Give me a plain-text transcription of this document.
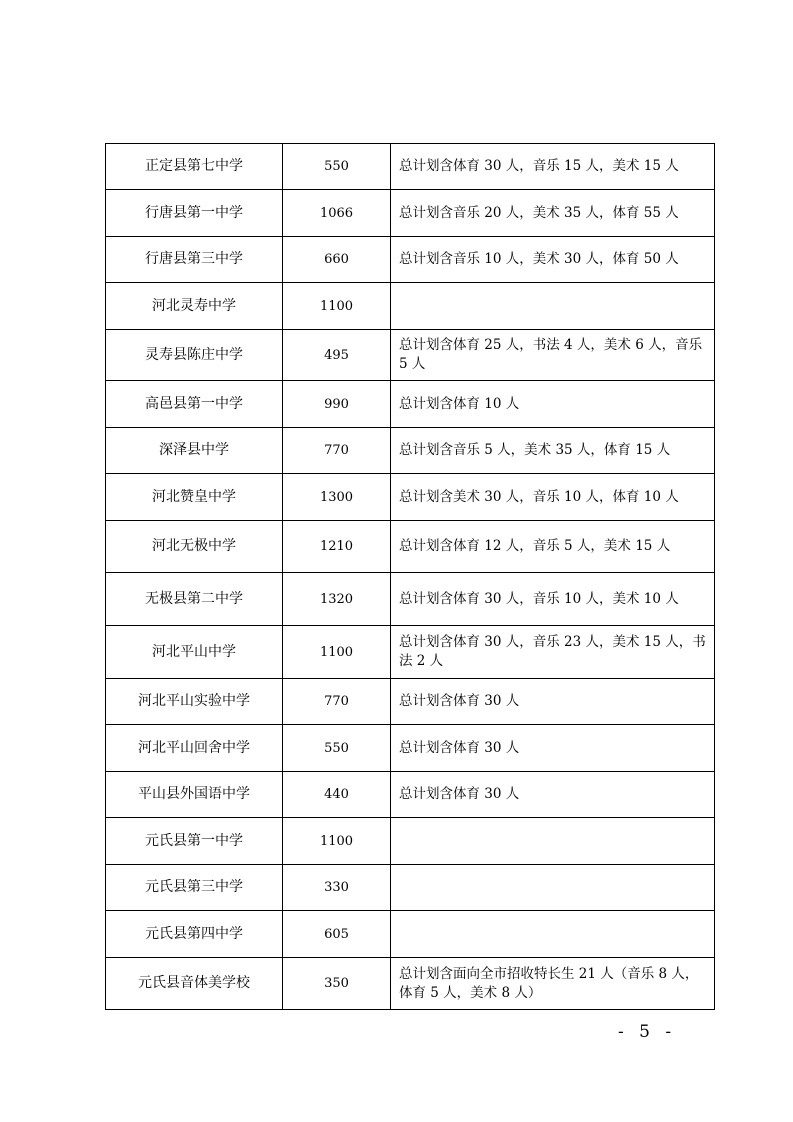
正定县第七中学	550	总计划含体育 30 人，音乐 15 人，美术 15 人
行唐县第一中学	1066	总计划含音乐 20 人，美术 35 人，体育 55 人
行唐县第三中学	660	总计划含音乐 10 人，美术 30 人，体育 50 人
河北灵寿中学	1100	
灵寿县陈庄中学	495	总计划含体育 25 人，书法 4 人，美术 6 人，音乐 5 人
高邑县第一中学	990	总计划含体育 10 人
深泽县中学	770	总计划含音乐 5 人，美术 35 人，体育 15 人
河北赞皇中学	1300	总计划含美术 30 人，音乐 10 人，体育 10 人
河北无极中学	1210	总计划含体育 12 人，音乐 5 人，美术 15 人
无极县第二中学	1320	总计划含体育 30 人，音乐 10 人，美术 10 人
河北平山中学	1100	总计划含体育 30 人，音乐 23 人，美术 15 人，书法 2 人
河北平山实验中学	770	总计划含体育 30 人
河北平山回舍中学	550	总计划含体育 30 人
平山县外国语中学	440	总计划含体育 30 人
元氏县第一中学	1100	
元氏县第三中学	330	
元氏县第四中学	605	
元氏县音体美学校	350	总计划含面向全市招收特长生 21 人（音乐 8 人，体育 5 人，美术 8 人）
- 5 -
